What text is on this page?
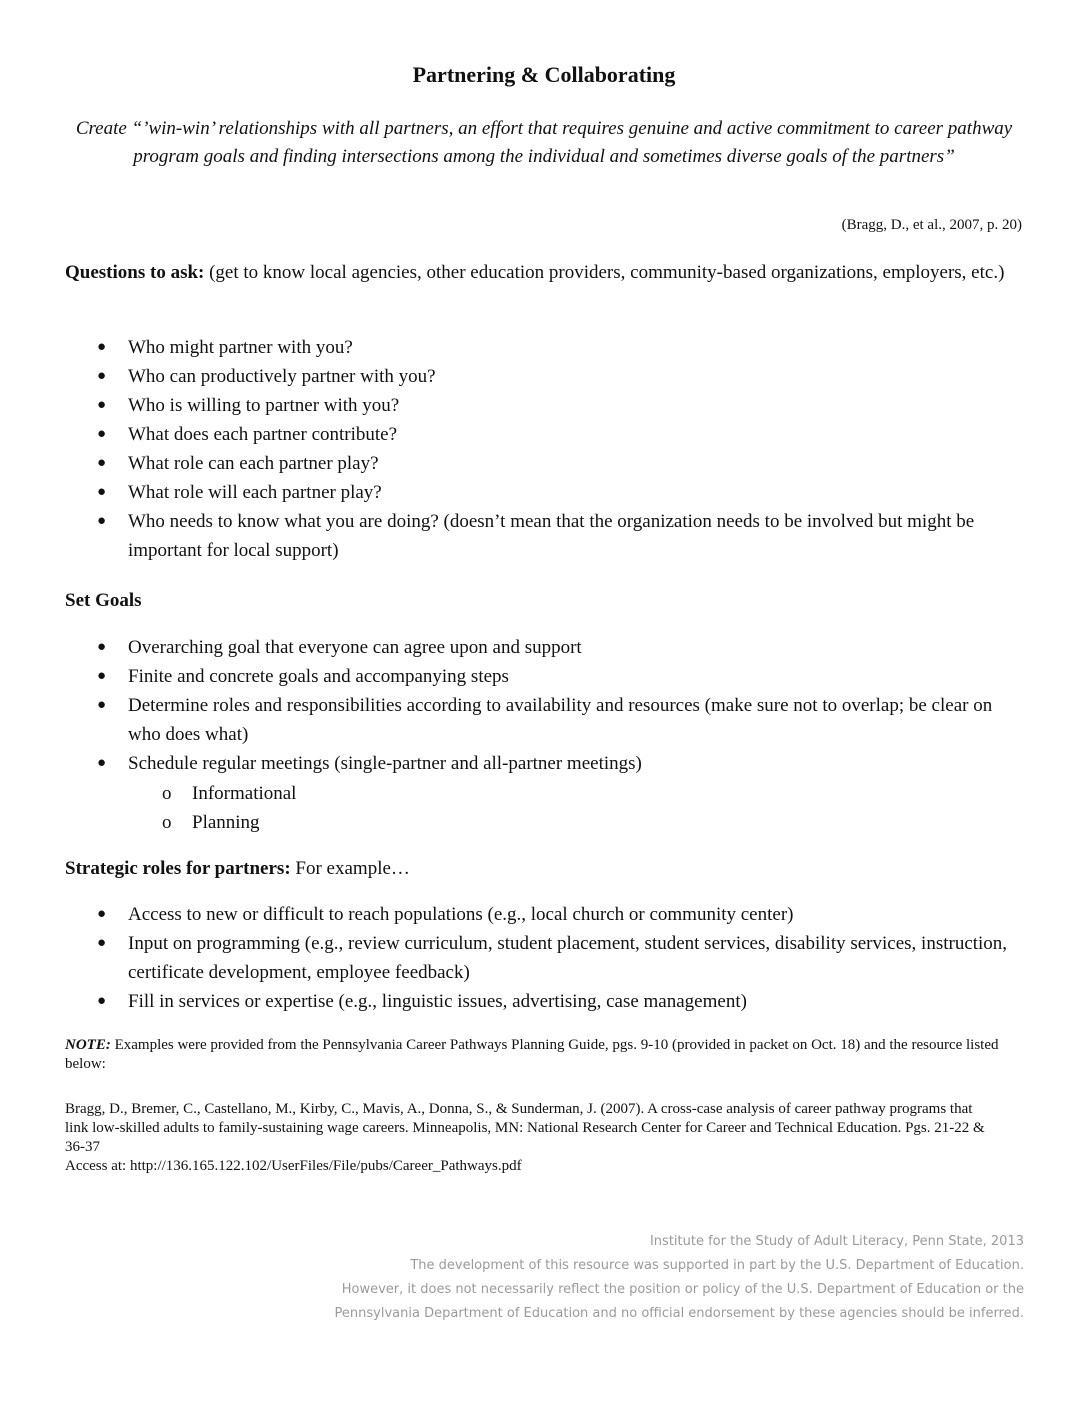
Partnering & Collaborating
Create “’win-win’ relationships with all partners, an effort that requires genuine and active commitment to career pathway program goals and finding intersections among the individual and sometimes diverse goals of the partners”
(Bragg, D., et al., 2007, p. 20)
Questions to ask: (get to know local agencies, other education providers, community-based organizations, employers, etc.)
● Who might partner with you?
● Who can productively partner with you?
● Who is willing to partner with you?
● What does each partner contribute?
● What role can each partner play?
● What role will each partner play?
● Who needs to know what you are doing? (doesn’t mean that the organization needs to be involved but might be important for local support)
Set Goals
● Overarching goal that everyone can agree upon and support
● Finite and concrete goals and accompanying steps
● Determine roles and responsibilities according to availability and resources (make sure not to overlap; be clear on who does what)
● Schedule regular meetings (single-partner and all-partner meetings)
o Informational
o Planning
Strategic roles for partners: For example…
● Access to new or difficult to reach populations (e.g., local church or community center)
● Input on programming (e.g., review curriculum, student placement, student services, disability services, instruction, certificate development, employee feedback)
● Fill in services or expertise (e.g., linguistic issues, advertising, case management)
NOTE: Examples were provided from the Pennsylvania Career Pathways Planning Guide, pgs. 9-10 (provided in packet on Oct. 18) and the resource listed below:
Bragg, D., Bremer, C., Castellano, M., Kirby, C., Mavis, A., Donna, S., & Sunderman, J. (2007). A cross-case analysis of career pathway programs that link low-skilled adults to family-sustaining wage careers. Minneapolis, MN: National Research Center for Career and Technical Education. Pgs. 21-22 & 36-37
Access at: http://136.165.122.102/UserFiles/File/pubs/Career_Pathways.pdf
Institute for the Study of Adult Literacy, Penn State, 2013
The development of this resource was supported in part by the U.S. Department of Education.
However, it does not necessarily reflect the position or policy of the U.S. Department of Education or the
Pennsylvania Department of Education and no official endorsement by these agencies should be inferred.
